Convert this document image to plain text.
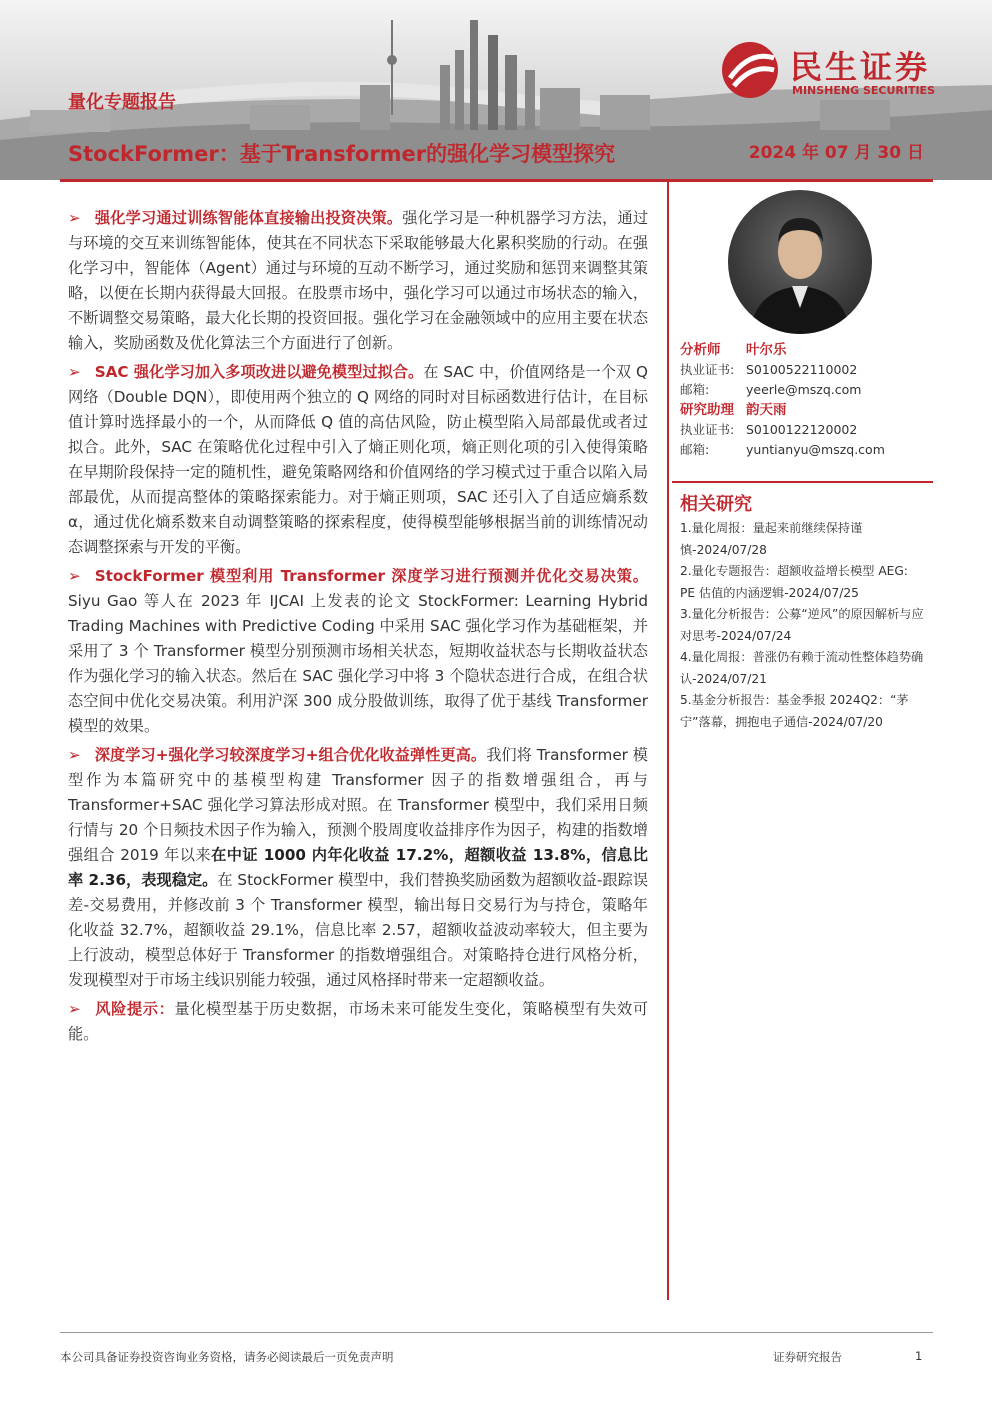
民生证券
MINSHENG SECURITIES
量化专题报告
StockFormer：基于Transformer的强化学习模型探究	2024 年 07 月 30 日

➢ 强化学习通过训练智能体直接输出投资决策。强化学习是一种机器学习方法，通过与环境的交互来训练智能体，使其在不同状态下采取能够最大化累积奖励的行动。在强化学习中，智能体（Agent）通过与环境的互动不断学习，通过奖励和惩罚来调整其策略，以便在长期内获得最大回报。在股票市场中，强化学习可以通过市场状态的输入，不断调整交易策略，最大化长期的投资回报。强化学习在金融领域中的应用主要在状态输入，奖励函数及优化算法三个方面进行了创新。

➢ SAC 强化学习加入多项改进以避免模型过拟合。在 SAC 中，价值网络是一个双 Q 网络（Double DQN），即使用两个独立的 Q 网络的同时对目标函数进行估计，在目标值计算时选择最小的一个，从而降低 Q 值的高估风险，防止模型陷入局部最优或者过拟合。此外，SAC 在策略优化过程中引入了熵正则化项，熵正则化项的引入使得策略在早期阶段保持一定的随机性，避免策略网络和价值网络的学习模式过于重合以陷入局部最优，从而提高整体的策略探索能力。对于熵正则项，SAC 还引入了自适应熵系数α，通过优化熵系数来自动调整策略的探索程度，使得模型能够根据当前的训练情况动态调整探索与开发的平衡。

➢ StockFormer 模型利用 Transformer 深度学习进行预测并优化交易决策。Siyu Gao 等人在 2023 年 IJCAI 上发表的论文 StockFormer: Learning Hybrid Trading Machines with Predictive Coding 中采用 SAC 强化学习作为基础框架，并采用了 3 个 Transformer 模型分别预测市场相关状态，短期收益状态与长期收益状态作为强化学习的输入状态。然后在 SAC 强化学习中将 3 个隐状态进行合成，在组合状态空间中优化交易决策。利用沪深 300 成分股做训练，取得了优于基线 Transformer 模型的效果。

➢ 深度学习+强化学习较深度学习+组合优化收益弹性更高。我们将 Transformer 模型作为本篇研究中的基模型构建 Transformer 因子的指数增强组合，再与 Transformer+SAC 强化学习算法形成对照。在 Transformer 模型中，我们采用日频行情与 20 个日频技术因子作为输入，预测个股周度收益排序作为因子，构建的指数增强组合 2019 年以来在中证 1000 内年化收益 17.2%，超额收益 13.8%，信息比率 2.36，表现稳定。在 StockFormer 模型中，我们替换奖励函数为超额收益-跟踪误差-交易费用，并修改前 3 个 Transformer 模型，输出每日交易行为与持仓，策略年化收益 32.7%，超额收益 29.1%，信息比率 2.57，超额收益波动率较大，但主要为上行波动，模型总体好于 Transformer 的指数增强组合。对策略持仓进行风格分析，发现模型对于市场主线识别能力较强，通过风格择时带来一定超额收益。

➢ 风险提示：量化模型基于历史数据，市场未来可能发生变化，策略模型有失效可能。

分析师	叶尔乐
执业证书: S0100522110002
邮箱:	yeerle@mszq.com
研究助理 韵天雨
执业证书: S0100122120002
邮箱:	yuntianyu@mszq.com
相关研究
1.量化周报：量起来前继续保持谨慎-2024/07/28
2.量化专题报告：超额收益增长模型 AEG: PE 估值的内涵逻辑-2024/07/25
3.量化分析报告：公募“逆风”的原因解析与应对思考-2024/07/24
4.量化周报：普涨仍有赖于流动性整体趋势确认-2024/07/21
5.基金分析报告：基金季报 2024Q2：“茅宁”落幕，拥抱电子通信-2024/07/20
本公司具备证券投资咨询业务资格，请务必阅读最后一页免责声明	证券研究报告	1
